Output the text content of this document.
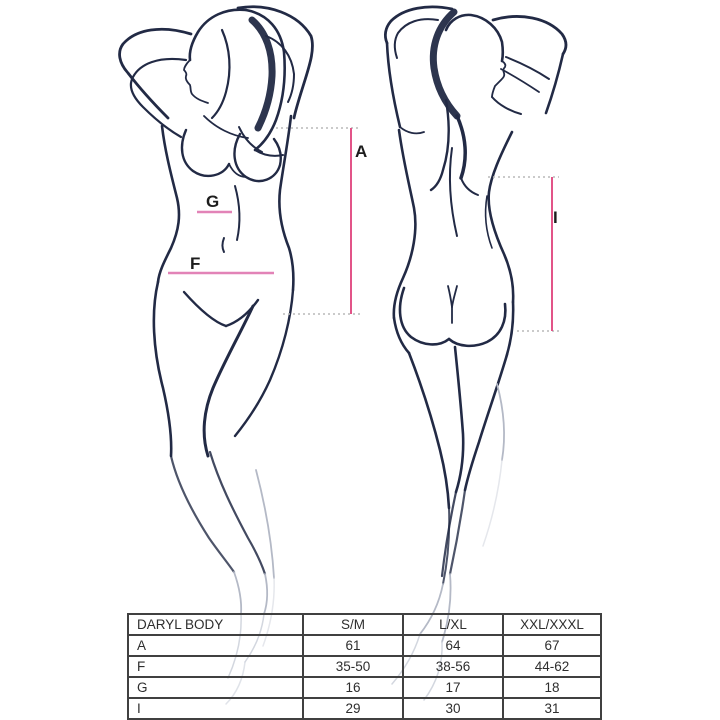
A
G
F
I
DARYL BODY	S/M	L/XL	XXL/XXXL
A	61	64	67
F	35-50	38-56	44-62
G	16	17	18
I	29	30	31
